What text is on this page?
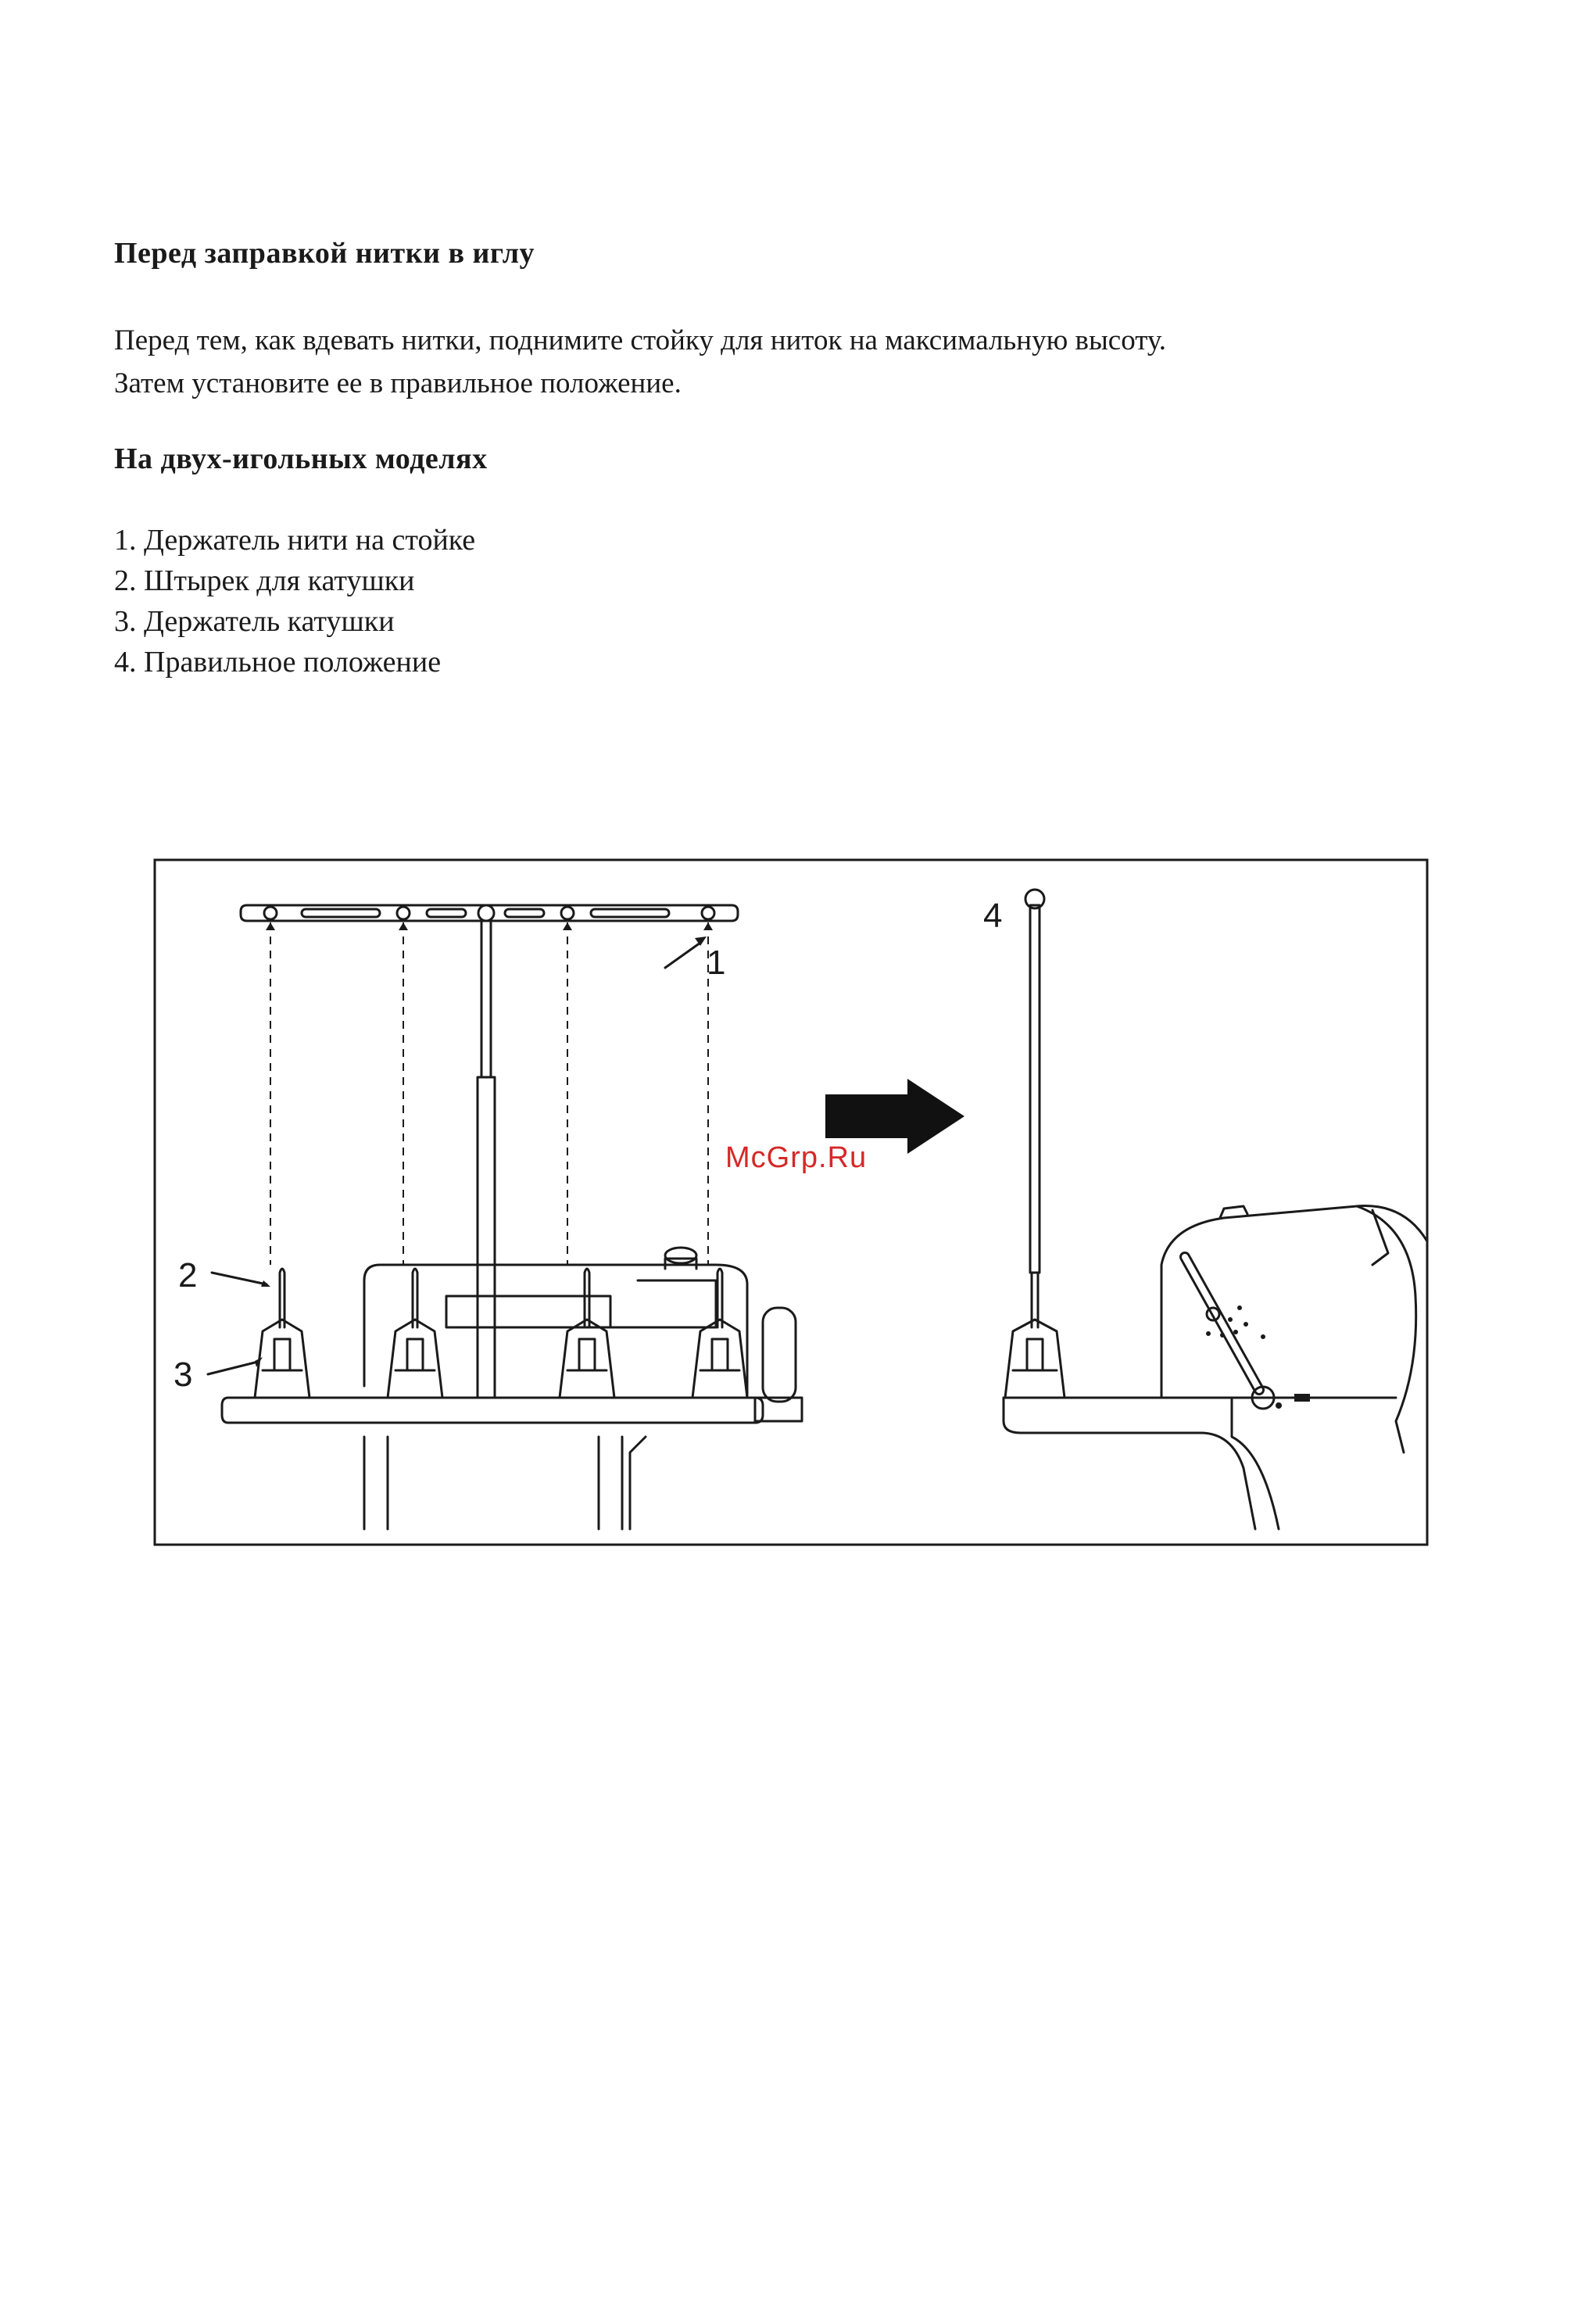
Перед заправкой нитки в иглу
Перед тем, как вдевать нитки, поднимите стойку для ниток на максимальную высоту.
Затем установите ее в правильное положение.
На двух-игольных моделях
1. Держатель нити на стойке
2. Штырек для катушки
3. Держатель катушки
4. Правильное положение
1
2
3
4
McGrp.Ru
